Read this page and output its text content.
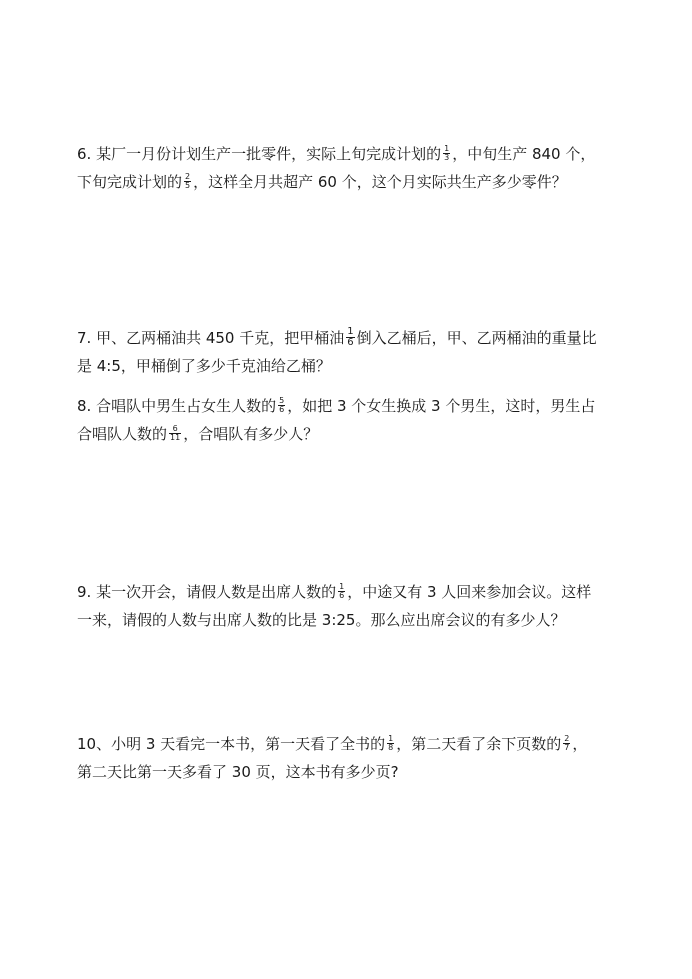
6. 某厂一月份计划生产一批零件，实际上旬完成计划的 $\frac{1}{3}$ ，中旬生产 840 个，
下旬完成计划的 $\frac{2}{5}$ ，这样全月共超产 60 个，这个月实际共生产多少零件？
7. 甲、乙两桶油共 450 千克，把甲桶油 $\frac{1}{6}$ 倒入乙桶后，甲、乙两桶油的重量比
是 4:5，甲桶倒了多少千克油给乙桶？
8. 合唱队中男生占女生人数的 $\frac{5}{6}$ ，如把 3 个女生换成 3 个男生，这时，男生占
合唱队人数的 $\frac{6}{11}$ ，合唱队有多少人？
9. 某一次开会，请假人数是出席人数的 $\frac{1}{6}$ ，中途又有 3 人回来参加会议。这样
一来，请假的人数与出席人数的比是 3:25。那么应出席会议的有多少人？
10、小明 3 天看完一本书，第一天看了全书的 $\frac{1}{8}$ ，第二天看了余下页数的 $\frac{2}{7}$ ，
第二天比第一天多看了 30 页，这本书有多少页?
